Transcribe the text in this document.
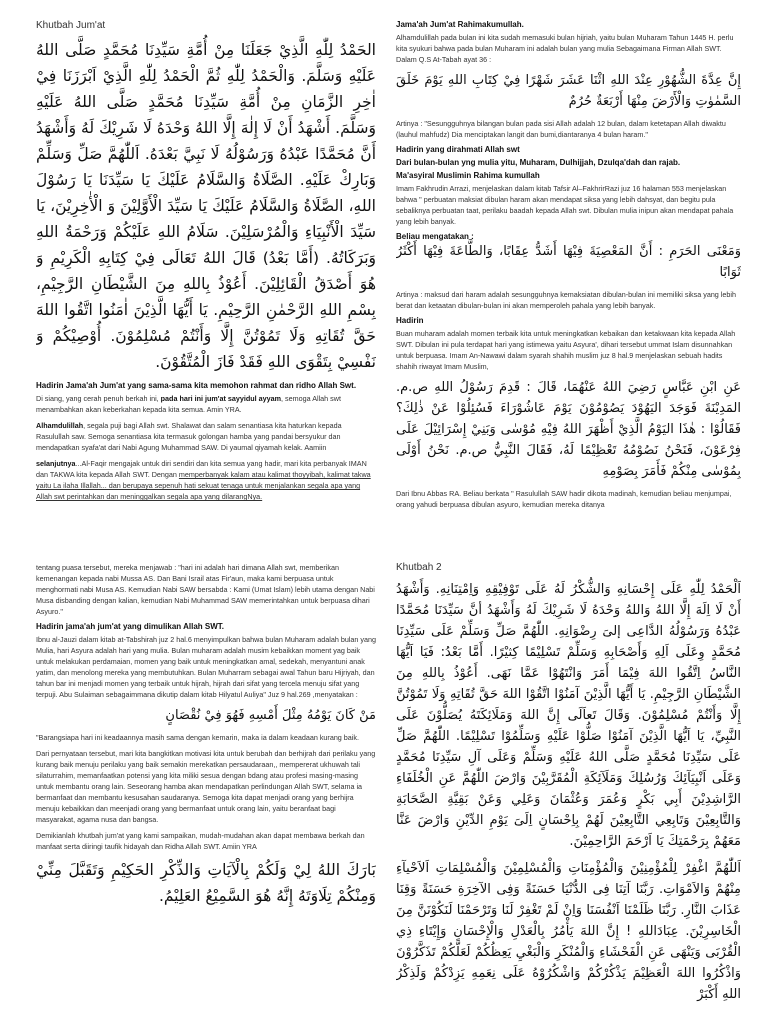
Khutbah Jum'at
الحَمْدُ لِلّٰهِ الَّذِيْ جَعَلَنَا مِنْ أُمَّةِ سَيِّدِنَا مُحَمَّدٍ صَلَّى اللهُ عَلَيْهِ وَسَلَّمَ. وَالْحَمْدُ لِلّٰهِ ثُمَّ الْحَمْدُ لِلّٰهِ الَّذِيْ اَبْرَزَنَا فِيْ اٰخِرِ الزَّمَانِ مِنْ أُمَّةِ سَيِّدِنَا مُحَمَّدٍ صَلَّى اللهُ عَلَيْهِ وَسَلَّمَ. أَشْهَدُ أَنْ لَا إِلٰهَ إِلَّا اللهُ وَحْدَهُ لَا شَرِيْكَ لَهُ وَأَشْهَدُ أَنَّ مُحَمَّدًا عَبْدُهُ وَرَسُوْلُهُ لَا نَبِيَّ بَعْدَهُ. اَللّٰهُمَّ صَلِّ وَسَلِّمْ وَبَارِكْ عَلَيْهِ. الصَّلَاةُ وَالسَّلَامُ عَلَيْكَ يَا سَيِّدَنَا يَا رَسُوْلَ اللهِ، الصَّلَاةُ وَالسَّلَامُ عَلَيْكَ يَا سَيِّدَ الْأَوَّلِيْنَ وَ الْأٰخِرِيْنَ، يَا سَيِّدَ الْأَنْبِيَاءِ وَالْمُرْسَلِيْنَ. سَلَامُ اللهِ عَلَيْكُمْ وَرَحْمَةُ اللهِ وَبَرَكَاتُهُ. (أَمَّا بَعْدُ) قَالَ اللهُ تَعَالَى فِيْ كِتَابِهِ الْكَرِيْمِ وَ هُوَ أَصْدَقُ الْقَائِلِيْنَ. أَعُوْذُ بِاللهِ مِنَ الشَّيْطَانِ الرَّجِيْمِ، بِسْمِ اللهِ الرَّحْمٰنِ الرَّحِيْمِ. يَا أَيُّهَا الَّذِيْنَ اٰمَنُوا اتَّقُوا اللهَ حَقَّ تُقَاتِهِ وَلَا تَمُوْتُنَّ إِلَّا وَأَنْتُمْ مُسْلِمُوْنَ. أُوْصِيْكُمْ وَ نَفْسِيْ بِتَقْوَى اللهِ فَقَدْ فَازَ الْمُتَّقُوْنَ.
Hadirin Jama'ah Jum'at yang sama-sama kita memohon rahmat dan ridho Allah Swt.

Di siang, yang cerah penuh berkah ini, pada hari ini jum'at sayyidul ayyam, semoga Allah swt menambahkan akan keberkahan kepada kita semua. Amin YRA.

Alhamdulillah, segala puji bagi Allah swt. Shalawat dan salam senantiasa kita haturkan kepada Rasulullah saw. Semoga senantiasa kita termasuk golongan hamba yang pandai bersyukur dan mendapatkan syafa'at dari Nabi Agung Muhammad SAW. Di yaumal qiyamah kelak. Aamiin

selanjutnya...Al-Faqir mengajak untuk diri sendiri dan kita semua yang hadir, mari kita perbanyak IMAN dan TAKWA kita kepada Allah SWT. Dengan memperbanyak kalam atau kalimat thoyyibah, kalimat takwa yaitu La ilaha Illallah... dan berupaya sepenuh hati sekuat tenaga untuk menjalankan segala apa yang Allah swt perintahkan dan meninggalkan segala apa yang dilarangNya.

Jama'ah Jum'at Rahimakumullah.

Alhamdulillah pada bulan ini kita sudah memasuki bulan hijriah, yaitu bulan Muharam Tahun 1445 H. perlu kita syukuri bahwa pada bulan Muharam ini adalah bulan yang mulia Sebagaimana Firman Allah SWT. Dalam Q.S At-Tabah ayat 36 :

إِنَّ عِدَّةَ الشُّهُوْرِ عِنْدَ اللهِ اثْنَا عَشَرَ شَهْرًا فِيْ كِتَابِ اللهِ يَوْمَ خَلَقَ السَّمٰوٰتِ وَالْأَرْضَ مِنْهَا أَرْبَعَةٌ حُرُمٌ

Artinya : "Sesungguhnya bilangan bulan pada sisi Allah adalah 12 bulan, dalam ketetapan Allah diwaktu (lauhul mahfudz) Dia menciptakan langit dan bumi,diantaranya 4 bulan haram."

Hadirin yang dirahmati Allah swt
Dari bulan-bulan yng mulia yitu, Muharam, Dulhijjah, Dzulqa'dah dan rajab.
Ma'asyiral Muslimin Rahima kumullah

Imam Fakhrudin Arrazi, menjelaskan dalam kitab Tafsir Al–FakhrirRazi juz 16 halaman 553 menjelaskan bahwa " perbuatan maksiat dibulan haram akan mendapat siksa yang lebih dahsyat, dan begitu pula sebaliknya perbuatan taat, perilaku baadah kepada Allah swt. Dibulan mulia inipun akan mendapat pahala yang lebih banyak.

Beliau mengatakan :
وَمَعْنَى الحَرَمِ : أَنَّ المَعْصِيَةَ فِيْهَا أَشَدُّ عِقَابًا، وَالطَّاعَةَ فِيْهَا أَكْثَرُ ثَوَابًا

Artinya : maksud dari haram adalah sesungguhnya kemaksiatan dibulan-bulan ini memiliki siksa yang lebih berat dan ketaatan dibulan-bulan ini akan memperoleh pahala yang lebih banyak.

Hadirin

Buan muharam adalah momen terbaik kita untuk meningkatkan kebaikan dan ketakwaan kita kepada Allah SWT. Dibulan ini pula terdapat hari yang istimewa yaitu Asyura', dihari tersebut ummat Islam disunnahkan untuk berpuasa. Imam An-Nawawi dalam syarah shahih muslim juz 8 hal.9 menjelaskan sebuah hadits shahih riwayat Imam Muslim,

عَنِ ابْنِ عَبَّاسٍ رَضِيَ اللهُ عَنْهُمَا، قَالَ : قَدِمَ رَسُوْلُ اللهِ ص.م. المَدِيْنَةَ فَوَجَدَ اليَهُوْدَ يَصُوْمُوْنَ يَوْمَ عَاشُوْرَاءَ فَسُئِلُوْا عَنْ ذٰلِكَ؟ فَقَالُوْا : هٰذَا اليَوْمُ الَّذِيْ أَظْهَرَ اللهُ فِيْهِ مُوْسٰى وَبَنِيْ إِسْرَائِيْلَ عَلَى فِرْعَوْنَ، فَنَحْنُ نَصُوْمُهُ تَعْظِيْمًا لَهُ، فَقَالَ النَّبِيُّ ص.م. نَحْنُ أَوْلَى بِمُوْسٰى مِنْكُمْ فَأَمَرَ بِصَوْمِهِ

Dari Ibnu Abbas RA. Beliau berkata " Rasulullah SAW hadir dikota madinah, kemudian beliau menjumpai, orang yahudi berpuasa dibulan asyuro, kemudian mereka ditanya

tentang puasa tersebut, mereka menjawab : "hari ini adalah hari dimana Allah swt, memberikan kemenangan kepada nabi Mussa AS. Dan Bani Israil atas Fir'aun, maka kami berpuasa untuk menghormati nabi Musa AS. Kemudian Nabi SAW bersabda : Kami (Umat Islam) lebih utama dengan Nabi Musa disbanding dengan kalian, kemudian Nabi Muhammad SAW memerintahkan untuk berpuasa dihari Asyuro."

Hadirin jama'ah jum'at yang dimulikan Allah SWT.

Ibnu al-Jauzi dalam kitab at-Tabshirah juz 2 hal.6 menyimpulkan bahwa bulan Muharam adalah bulan yang Mulia, hari Asyura adalah hari yang mulia. Bulan muharam adalah musim kebaikkan moment yag baik untuk melakukan perdamaian, momen yang baik untuk meningkatkan amal, sedekah, menyantuni anak yatim, dan menolong mereka yang membutuhkan. Bulan Muharram sebagai awal Tahun baru Hijriyah, dan tahun bar ini menjadi momen yang terbaik untuk hijrah, hijrah dari sifat yang tercela menuju sifat yang terpuji. Abu Sulaiman sebagaimmana dikutip dalam kitab Hilyatul Auliya" Juz 9 hal.269 ,menyatakan :

مَنْ كَانَ يَوْمُهُ مِثْلَ أَمْسِهِ فَهُوَ فِيْ نُقْصَانٍ

"Barangsiapa hari ini keadaannya masih sama dengan kemarin, maka ia dalam keadaan kurang baik.

Dari pernyataan tersebut, mari kita bangkitkan motivasi kita untuk berubah dan berhijrah dari perilaku yang kurang baik menuju perilaku yang baik semakin merekatkan persaudaraan,, mempererat ukhuwah tali silaturrahim, memanfaatkan potensi yang kita miliki sesua dengan bdang atau profesi masing-masing untuk membantu orang lain. Seseorang hamba akan mendapatkan perlindungan Allah SWT, selama ia bermanfaat dan membantu kesusahan saudaranya. Semoga kita dapat menjadi orang yang berhijra menuju kebaikkan dan meenjadi orang yang bermanfaat untuk orang lain, yaitu beranfaat bagi masyarakat, agama nusa dan bangsa.

Demikianlah khutbah jum'at yang kami sampaikan, mudah-mudahan akan dapat membawa berkah dan manfaat serta diiringi taufik hidayah dan Ridha Allah SWT. Amiin YRA

بَارَكَ اللهُ لِيْ وَلَكُمْ بِالْآيَاتِ وَالذِّكْرِ الحَكِيْمِ وَتَقَبَّلَ مِنِّيْ وَمِنْكُمْ تِلَاوَتَهُ إِنَّهُ هُوَ السَّمِيْعُ العَلِيْمُ.
Khutbah 2
اَلْحَمْدُ لِلّٰهِ عَلَى إِحْسَانِهِ وَالشُّكْرُ لَهُ عَلَى تَوْفِيْقِهِ وَاِمْتِنَانِهِ. وَأَشْهَدُ أَنْ لَا اِلَهَ إِلَّا اللهُ وَاللهُ وَحْدَهُ لَا شَرِيْكَ لَهُ وَأَشْهَدُ أنَّ سَيِّدَنَا مُحَمَّدًا عَبْدُهُ وَرَسُوْلُهُ الدَّاعِى إلىَ رِضْوَانِهِ. اللّٰهُمَّ صَلِّ وَسَلِّمْ عَلَى سَيِّدِنَا مُحَمَّدٍ وِعَلَى اَلِهِ وَأَصْحَابِهِ وَسَلِّمْ تَسْلِيْمًا كِثيْرًا. أَمَّا بَعْدُ: فَيَا اَيُّهَا النَّاسُ اِتَّقُوا اللهَ فِيْمَا أَمَرَ وَانْتَهُوْا عَمَّا نَهَى. أَعُوْذُ بِاللهِ مِنَ الشَّيْطَانِ الرَّجِيْمِ. يَا أَيُّهَا الَّذِيْنَ آمَنُوْا اتَّقُوْا اللهَ حَقَّ تُقَاتِهِ وَلَا تَمُوْتُنَّ إِلَّا وَأَنْتُمْ مُسْلِمُوْنَ. وَقَالَ تَعاَلَى إِنَّ اللهَ وَمَلَائِكَتَهُ يُصَلُّوْنَ عَلَى النَّبِيِّ، يَا اَيُّهَا الَّذِيْنَ آمَنُوْا صَلُّوْا عَلَيْهِ وَسَلِّمُوْا تَسْلِيْمًا. اللّٰهُمَّ صَلِّ عَلَى سَيِّدِنَا مُحَمَّدٍ صَلَّى اللهُ عَلَيْهِ وَسَلِّمْ وَعَلَى آلِ سَيِّدِنَا مُحَمَّدٍ وَعَلَى اَنْبِيَآئِكَ وَرُسُلِكَ وَمَلَآئِكَةِ الْمُقَرَّبِيْنَ وَارْضَ اللّٰهُمَّ عَنِ الْخُلَفَاءِ الرَّاشِدِيْنَ أَبِي بَكْرٍ وَعُمَرَ وَعُثْمَانَ وَعَلِي وَعَنْ بَقِيَّةِ الصَّحَابَةِ وَالتَّابِعِيْنَ وَتَابِعِي التَّابِعِيْنَ لَهُمْ بِاِحْسَانٍ اِلَىَ يَوْمِ الدِّيْنِ وَارْضَ عَنَّا مَعَهُمْ بِرَحْمَتِكَ يَا اَرْحَمَ الرَّاحِمِيْنَ.
اَللّٰهُمَّ اغْفِرْ لِلْمُؤْمِنِيْنَ وَالْمُؤْمِنَاتِ وَالْمُسْلِمِيْنَ وَالْمُسْلِمَاتِ اَلاَحْيآءِ مِنْهُمْ وَالاَمْوَاتِ. رَبَّنَا آتِنَا فِى الدُّنْيَا حَسَنَةً وَفِى الآخِرَةِ حَسَنَةً وَقِنَا عَذَابَ النَّارِ. رَبَّنَا ظَلَمْنَا اَنْفُسَنَا وَاِنْ لَمْ تَغْفِرْ لَنَا وَتَرْحَمْنَا لَنَكُوْنَنَّ مِنَ الْخَاسِرِيْنَ. عِبَادَاللهِ ! إِنَّ اللهَ يَأْمُرُ بِالْعَدْلِ وَالْإِحْسَانِ وَإِيْتَاءِ ذِي الْقُرْبَى وَيَنْهَى عَنِ الْفَحْشَاءِ وَالْمُنْكَرِ وَالْبَغْيِ يَعِظُكُمْ لَعَلَّكُمْ تَذَكَّرُوْنَ وَاذْكُرُوا اللهَ الْعَظِيْمَ يَذْكُرْكُمْ وَاشْكُرُوْهُ عَلَى نِعَمِهِ يَزِدْكُمْ وَلَذِكْرُ اللهِ أَكْبَرْ
